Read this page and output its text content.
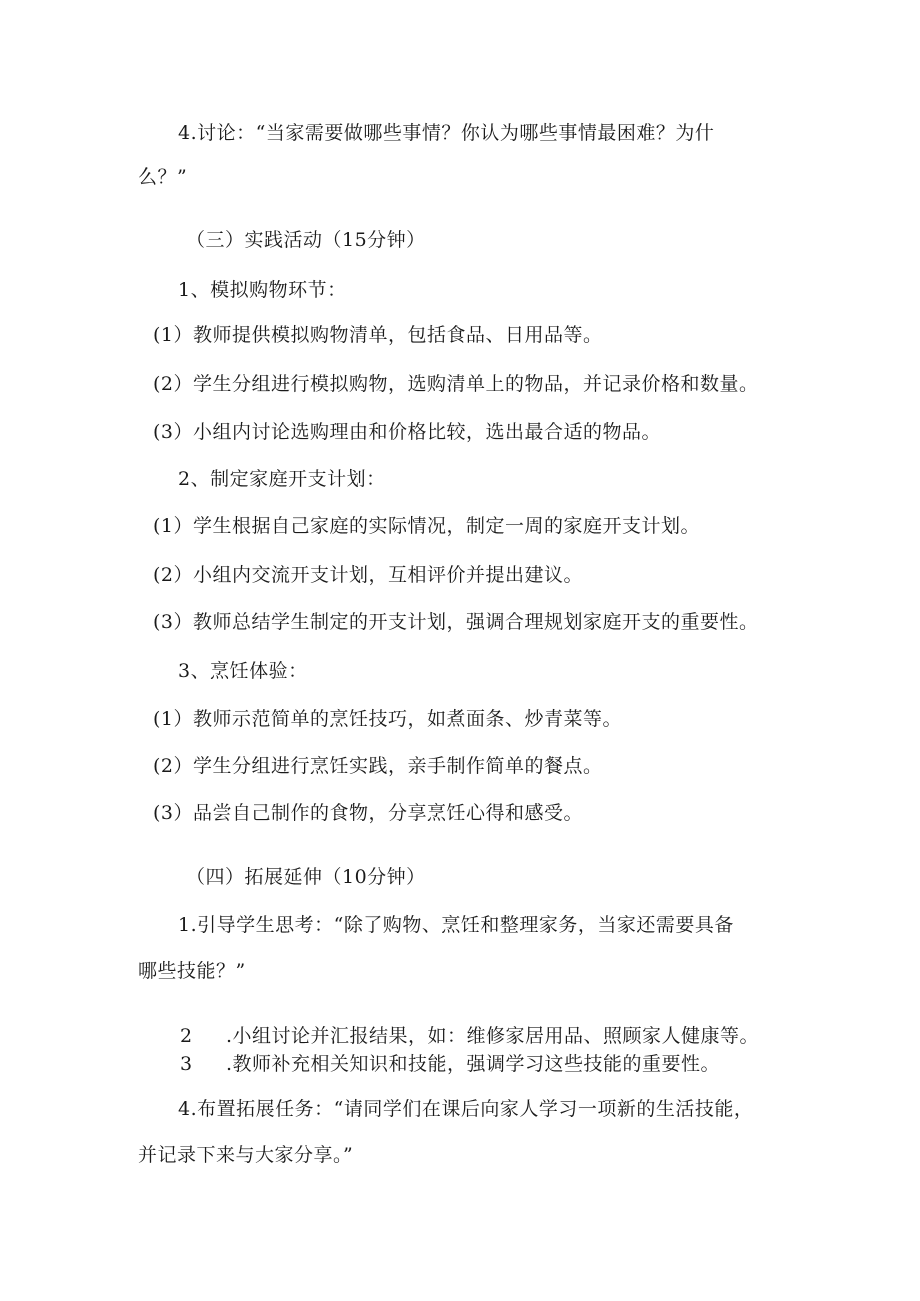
4.讨论：“当家需要做哪些事情？你认为哪些事情最困难？为什
么？”
（三）实践活动（15分钟）
1、模拟购物环节：
(1）教师提供模拟购物清单，包括食品、日用品等。
(2）学生分组进行模拟购物，选购清单上的物品，并记录价格和数量。
(3）小组内讨论选购理由和价格比较，选出最合适的物品。
2、制定家庭开支计划：
(1）学生根据自己家庭的实际情况，制定一周的家庭开支计划。
(2）小组内交流开支计划，互相评价并提出建议。
(3）教师总结学生制定的开支计划，强调合理规划家庭开支的重要性。
3、烹饪体验：
(1）教师示范简单的烹饪技巧，如煮面条、炒青菜等。
(2）学生分组进行烹饪实践，亲手制作简单的餐点。
(3）品尝自己制作的食物，分享烹饪心得和感受。
（四）拓展延伸（10分钟）
1.引导学生思考：“除了购物、烹饪和整理家务，当家还需要具备
哪些技能？”
2 .小组讨论并汇报结果，如：维修家居用品、照顾家人健康等。
3 .教师补充相关知识和技能，强调学习这些技能的重要性。
4.布置拓展任务：“请同学们在课后向家人学习一项新的生活技能，
并记录下来与大家分享。”
